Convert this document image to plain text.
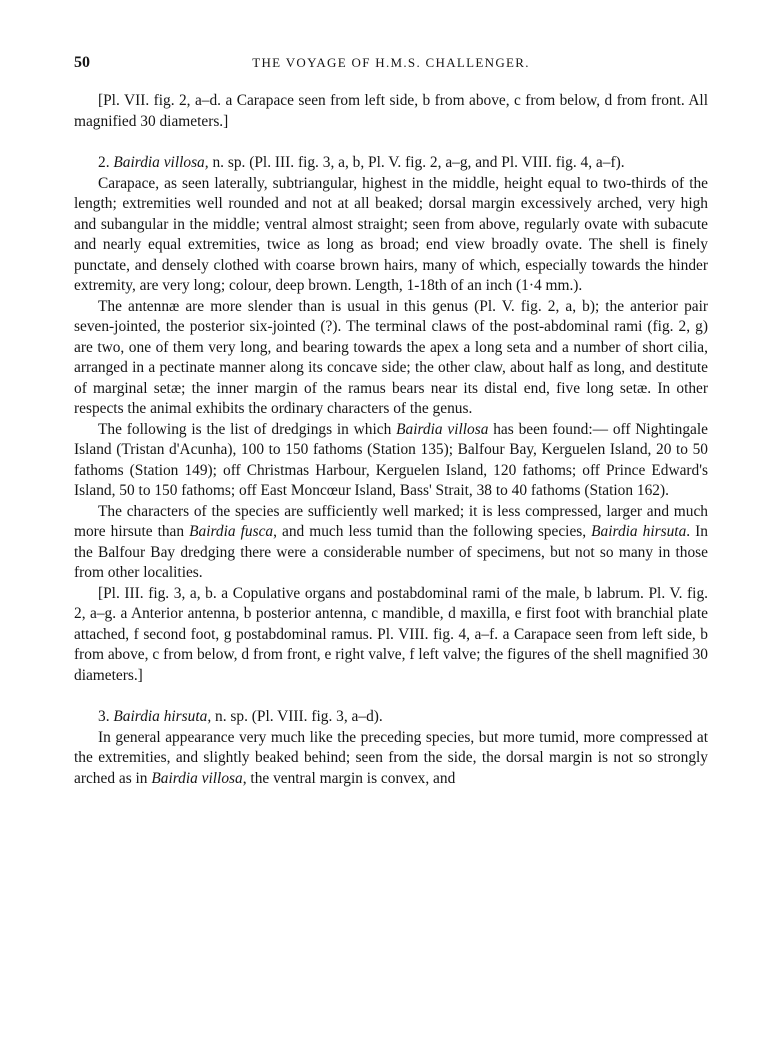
50	THE VOYAGE OF H.M.S. CHALLENGER.

[Pl. VII. fig. 2, a–d. a Carapace seen from left side, b from above, c from below, d from front. All magnified 30 diameters.]

2. Bairdia villosa, n. sp. (Pl. III. fig. 3, a, b, Pl. V. fig. 2, a–g, and Pl. VIII. fig. 4, a–f).

Carapace, as seen laterally, subtriangular, highest in the middle, height equal to two-thirds of the length; extremities well rounded and not at all beaked; dorsal margin excessively arched, very high and subangular in the middle; ventral almost straight; seen from above, regularly ovate with subacute and nearly equal extremities, twice as long as broad; end view broadly ovate. The shell is finely punctate, and densely clothed with coarse brown hairs, many of which, especially towards the hinder extremity, are very long; colour, deep brown. Length, 1-18th of an inch (1·4 mm.).

The antennæ are more slender than is usual in this genus (Pl. V. fig. 2, a, b); the anterior pair seven-jointed, the posterior six-jointed (?). The terminal claws of the post-abdominal rami (fig. 2, g) are two, one of them very long, and bearing towards the apex a long seta and a number of short cilia, arranged in a pectinate manner along its concave side; the other claw, about half as long, and destitute of marginal setæ; the inner margin of the ramus bears near its distal end, five long setæ. In other respects the animal exhibits the ordinary characters of the genus.

The following is the list of dredgings in which Bairdia villosa has been found:— off Nightingale Island (Tristan d'Acunha), 100 to 150 fathoms (Station 135); Balfour Bay, Kerguelen Island, 20 to 50 fathoms (Station 149); off Christmas Harbour, Kerguelen Island, 120 fathoms; off Prince Edward's Island, 50 to 150 fathoms; off East Moncœur Island, Bass' Strait, 38 to 40 fathoms (Station 162).

The characters of the species are sufficiently well marked; it is less compressed, larger and much more hirsute than Bairdia fusca, and much less tumid than the following species, Bairdia hirsuta. In the Balfour Bay dredging there were a considerable number of specimens, but not so many in those from other localities.

[Pl. III. fig. 3, a, b. a Copulative organs and postabdominal rami of the male, b labrum. Pl. V. fig. 2, a–g. a Anterior antenna, b posterior antenna, c mandible, d maxilla, e first foot with branchial plate attached, f second foot, g postabdominal ramus. Pl. VIII. fig. 4, a–f. a Carapace seen from left side, b from above, c from below, d from front, e right valve, f left valve; the figures of the shell magnified 30 diameters.]

3. Bairdia hirsuta, n. sp. (Pl. VIII. fig. 3, a–d).

In general appearance very much like the preceding species, but more tumid, more compressed at the extremities, and slightly beaked behind; seen from the side, the dorsal margin is not so strongly arched as in Bairdia villosa, the ventral margin is convex, and
